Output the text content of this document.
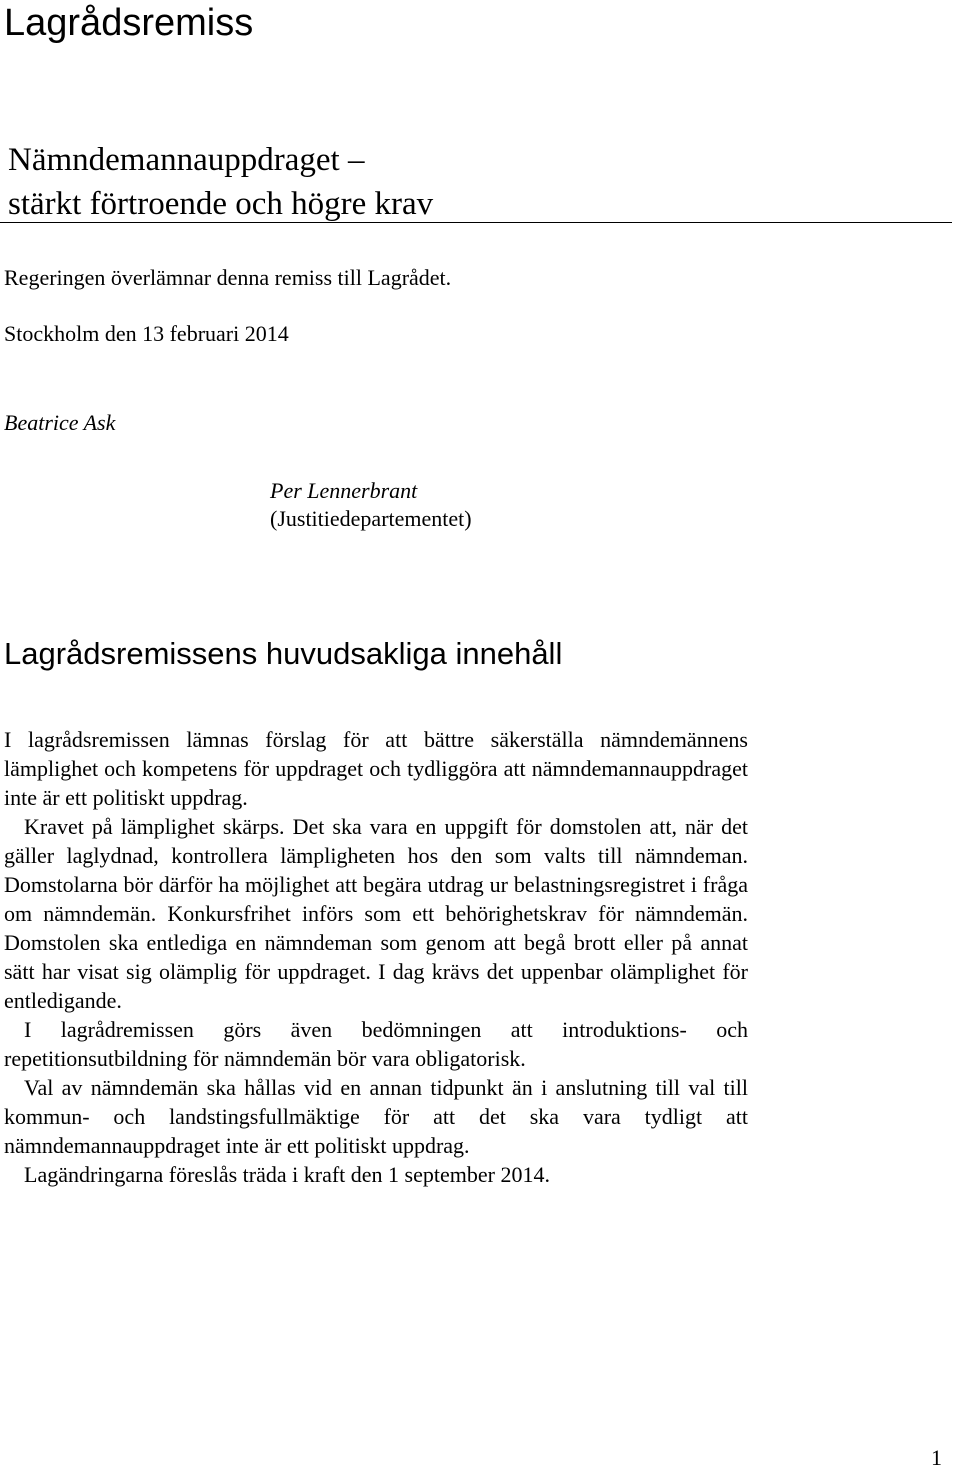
Lagrådsremiss
Nämndemannauppdraget –
stärkt förtroende och högre krav

Regeringen överlämnar denna remiss till Lagrådet.

Stockholm den 13 februari 2014

Beatrice Ask

Per Lennerbrant
(Justitiedepartementet)
Lagrådsremissens huvudsakliga innehåll

I lagrådsremissen lämnas förslag för att bättre säkerställa nämndemännens lämplighet och kompetens för uppdraget och tydliggöra att nämndemannauppdraget inte är ett politiskt uppdrag.

Kravet på lämplighet skärps. Det ska vara en uppgift för domstolen att, när det gäller laglydnad, kontrollera lämpligheten hos den som valts till nämndeman. Domstolarna bör därför ha möjlighet att begära utdrag ur belastningsregistret i fråga om nämndemän. Konkursfrihet införs som ett behörighetskrav för nämndemän. Domstolen ska entlediga en nämndeman som genom att begå brott eller på annat sätt har visat sig olämplig för uppdraget. I dag krävs det uppenbar olämplighet för entledigande.

I lagrådremissen görs även bedömningen att introduktions- och repetitionsutbildning för nämndemän bör vara obligatorisk.

Val av nämndemän ska hållas vid en annan tidpunkt än i anslutning till val till kommun- och landstingsfullmäktige för att det ska vara tydligt att nämndemannauppdraget inte är ett politiskt uppdrag.

Lagändringarna föreslås träda i kraft den 1 september 2014.

1
